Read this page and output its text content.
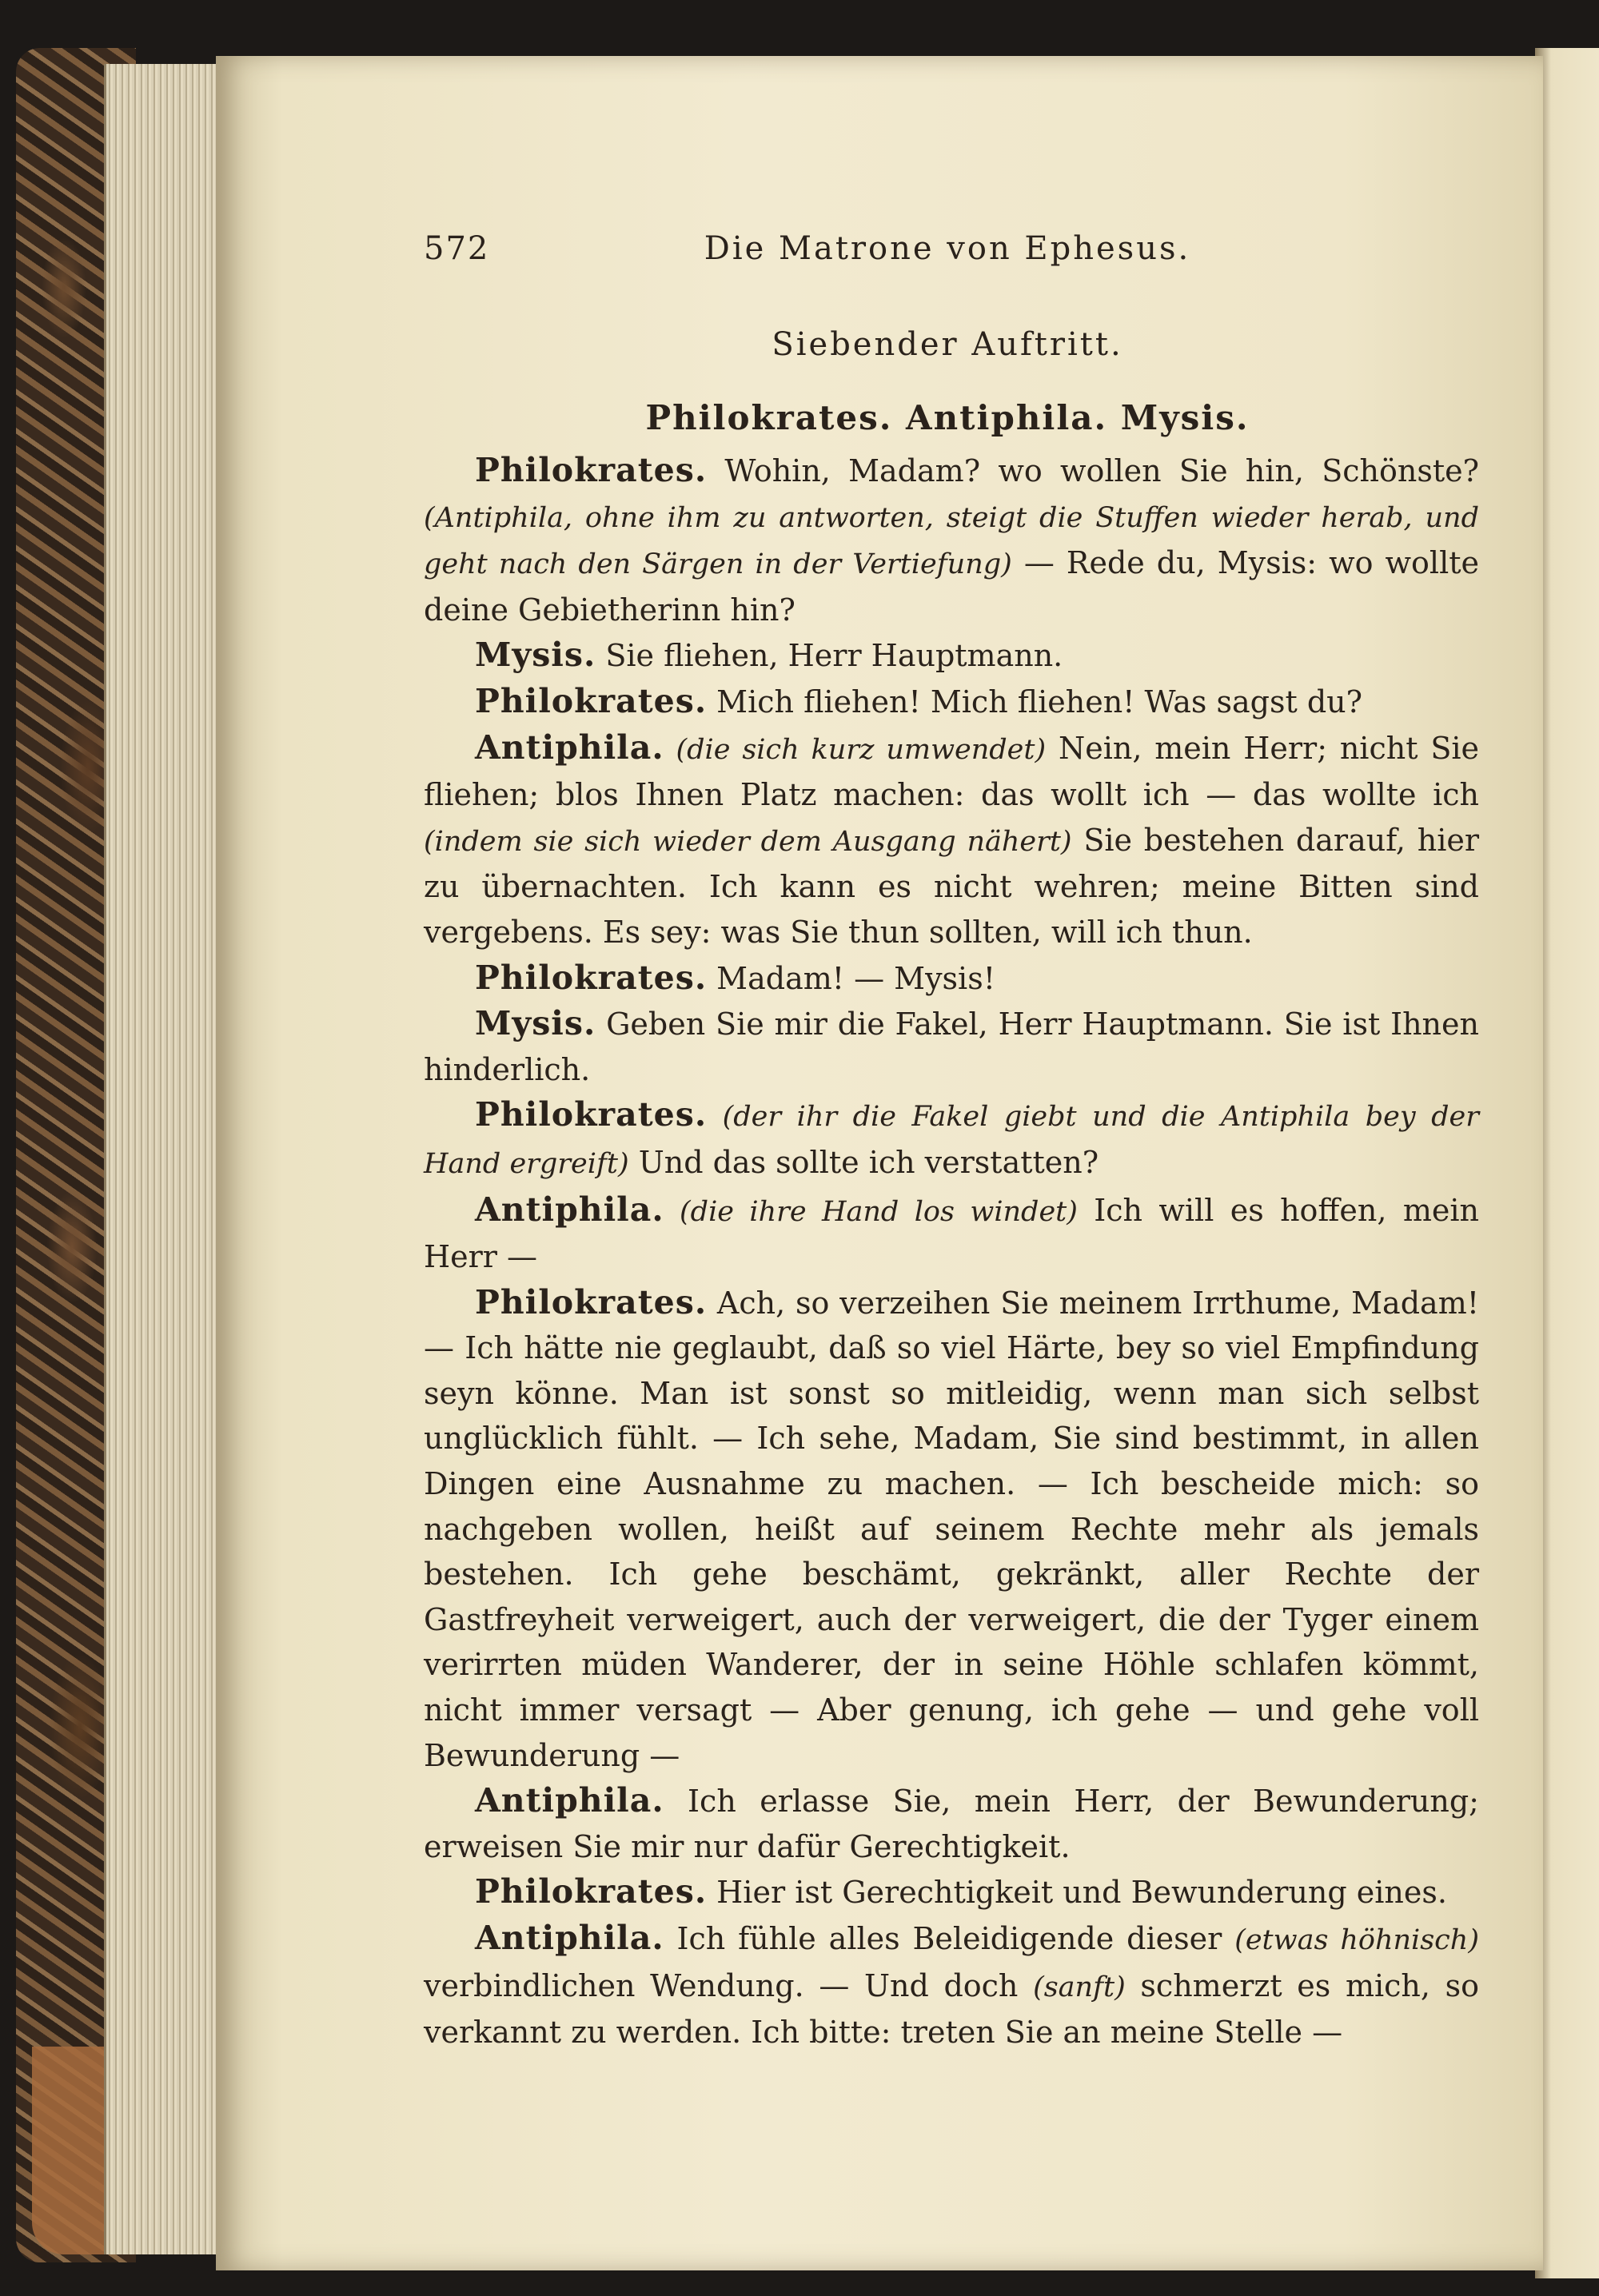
572	Die Matrone von Ephesus.
Siebender Auftritt.
Philokrates. Antiphila. Mysis.

Philokrates. Wohin, Madam? wo wollen Sie hin, Schönste? (Antiphila, ohne ihm zu antworten, steigt die Stuffen wieder herab, und geht nach den Särgen in der Vertiefung) — Rede du, Mysis: wo wollte deine Gebietherinn hin?

Mysis. Sie fliehen, Herr Hauptmann.

Philokrates. Mich fliehen! Mich fliehen! Was sagst du?

Antiphila. (die sich kurz umwendet) Nein, mein Herr; nicht Sie fliehen; blos Ihnen Platz machen: das wollt ich — das wollte ich (indem sie sich wieder dem Ausgang nähert) Sie bestehen darauf, hier zu übernachten. Ich kann es nicht wehren; meine Bitten sind vergebens. Es sey: was Sie thun sollten, will ich thun.

Philokrates. Madam! — Mysis!

Mysis. Geben Sie mir die Fakel, Herr Hauptmann. Sie ist Ihnen hinderlich.

Philokrates. (der ihr die Fakel giebt und die Antiphila bey der Hand ergreift) Und das sollte ich verstatten?

Antiphila. (die ihre Hand los windet) Ich will es hoffen, mein Herr —

Philokrates. Ach, so verzeihen Sie meinem Irrthume, Madam! — Ich hätte nie geglaubt, daß so viel Härte, bey so viel Empfindung seyn könne. Man ist sonst so mitleidig, wenn man sich selbst unglücklich fühlt. — Ich sehe, Madam, Sie sind bestimmt, in allen Dingen eine Ausnahme zu machen. — Ich bescheide mich: so nachgeben wollen, heißt auf seinem Rechte mehr als jemals bestehen. Ich gehe beschämt, gekränkt, aller Rechte der Gastfreyheit verweigert, auch der verweigert, die der Tyger einem verirrten müden Wanderer, der in seine Höhle schlafen kömmt, nicht immer versagt — Aber genung, ich gehe — und gehe voll Bewunderung —

Antiphila. Ich erlasse Sie, mein Herr, der Bewunderung; erweisen Sie mir nur dafür Gerechtigkeit.

Philokrates. Hier ist Gerechtigkeit und Bewunderung eines.

Antiphila. Ich fühle alles Beleidigende dieser (etwas höhnisch) verbindlichen Wendung. — Und doch (sanft) schmerzt es mich, so verkannt zu werden. Ich bitte: treten Sie an meine Stelle —
